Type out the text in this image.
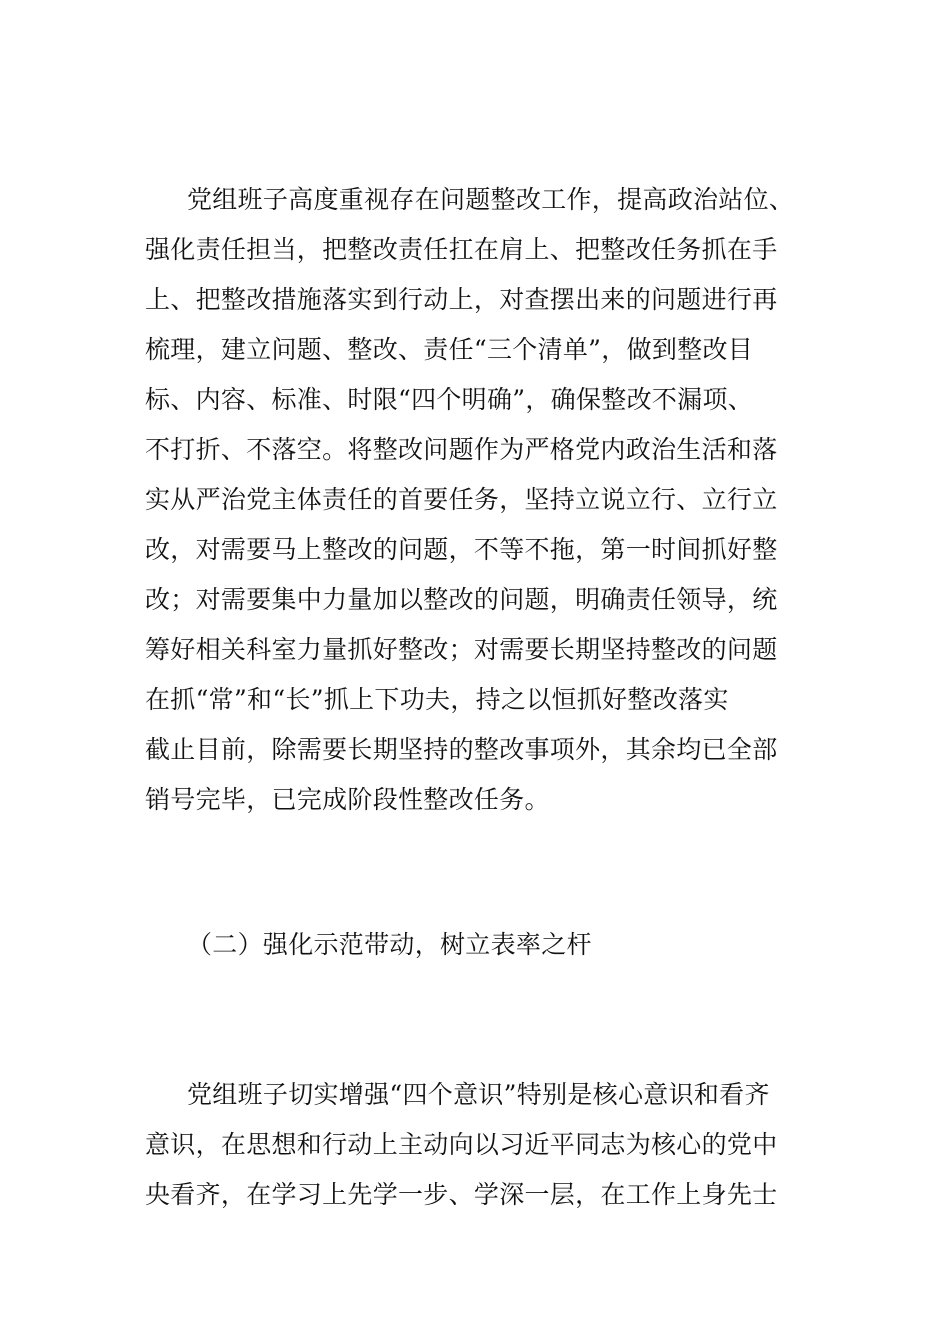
党组班子高度重视存在问题整改工作，提高政治站位、
强化责任担当，把整改责任扛在肩上、把整改任务抓在手
上、把整改措施落实到行动上，对查摆出来的问题进行再
梳理，建立问题、整改、责任“三个清单”，做到整改目
标、内容、标准、时限“四个明确”，确保整改不漏项、
不打折、不落空。将整改问题作为严格党内政治生活和落
实从严治党主体责任的首要任务，坚持立说立行、立行立
改，对需要马上整改的问题，不等不拖，第一时间抓好整
改；对需要集中力量加以整改的问题，明确责任领导，统
筹好相关科室力量抓好整改；对需要长期坚持整改的问题
在抓“常”和“长”抓上下功夫，持之以恒抓好整改落实
截止目前，除需要长期坚持的整改事项外，其余均已全部
销号完毕，已完成阶段性整改任务。
（二）强化示范带动，树立表率之杆
党组班子切实增强“四个意识”特别是核心意识和看齐
意识，在思想和行动上主动向以习近平同志为核心的党中
央看齐，在学习上先学一步、学深一层，在工作上身先士
